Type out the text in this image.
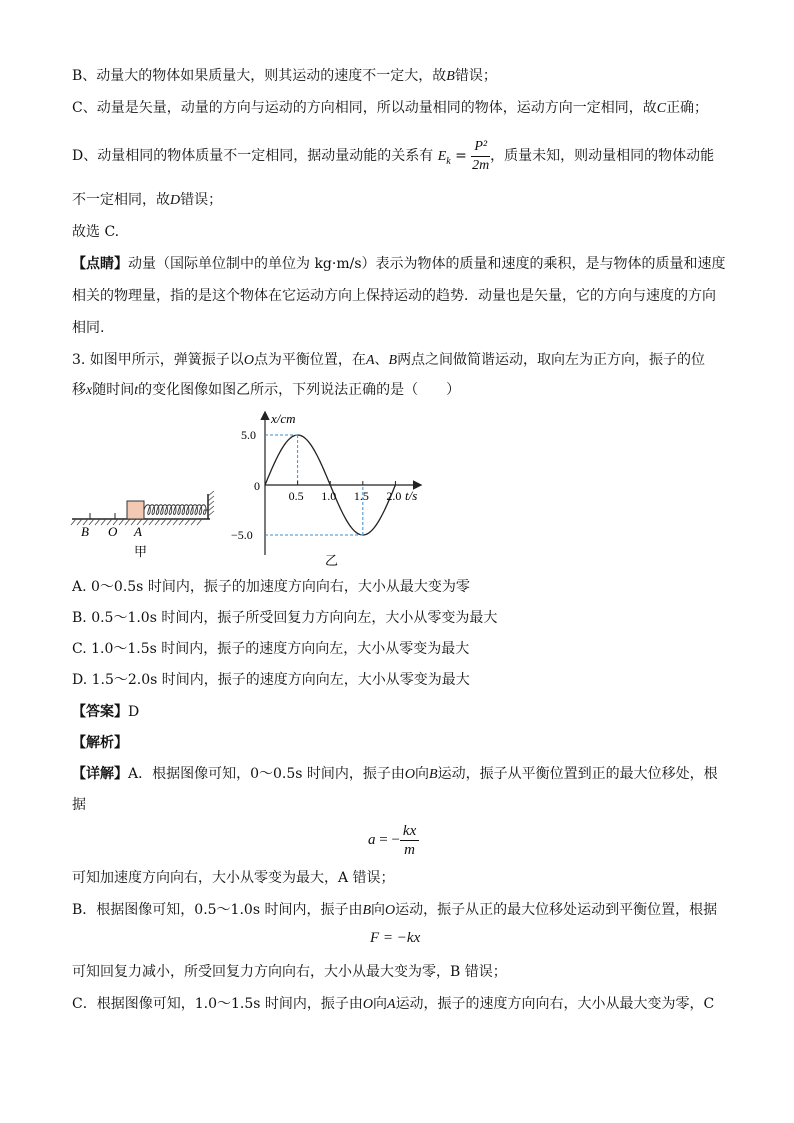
B、动量大的物体如果质量大，则其运动的速度不一定大，故B错误；
C、动量是矢量，动量的方向与运动的方向相同，所以动量相同的物体，运动方向一定相同，故C正确；
D、动量相同的物体质量不一定相同，据动量动能的关系有 $E_k = \frac{\text{P²}}{2m}$ ，质量未知，则动量相同的物体动能
不一定相同，故D错误；
故选 C.
【点睛】动量（国际单位制中的单位为 kg·m/s）表示为物体的质量和速度的乘积，是与物体的质量和速度
相关的物理量，指的是这个物体在它运动方向上保持运动的趋势．动量也是矢量，它的方向与速度的方向
相同.
3. 如图甲所示，弹簧振子以O点为平衡位置，在A、B两点之间做简谐运动，取向左为正方向，振子的位
移x随时间t的变化图像如图乙所示，下列说法正确的是（　　）
B O A
甲
0.5 1.0 1.5 2.0
5.0
−5.0
0
x/cm
t/s
乙
A. 0～0.5s 时间内，振子的加速度方向向右，大小从最大变为零
B. 0.5～1.0s 时间内，振子所受回复力方向向左，大小从零变为最大
C. 1.0～1.5s 时间内，振子的速度方向向左，大小从零变为最大
D. 1.5～2.0s 时间内，振子的速度方向向左，大小从零变为最大
【答案】D
【解析】
【详解】A．根据图像可知，0～0.5s 时间内，振子由O向B运动，振子从平衡位置到正的最大位移处，根
据
a = − $\frac{kx}{m}$
可知加速度方向向右，大小从零变为最大，A 错误；
B．根据图像可知，0.5～1.0s 时间内，振子由B向O运动，振子从正的最大位移处运动到平衡位置，根据
F = −kx
可知回复力减小，所受回复力方向向右，大小从最大变为零，B 错误；
C．根据图像可知，1.0～1.5s 时间内，振子由O向A运动，振子的速度方向向右，大小从最大变为零，C
